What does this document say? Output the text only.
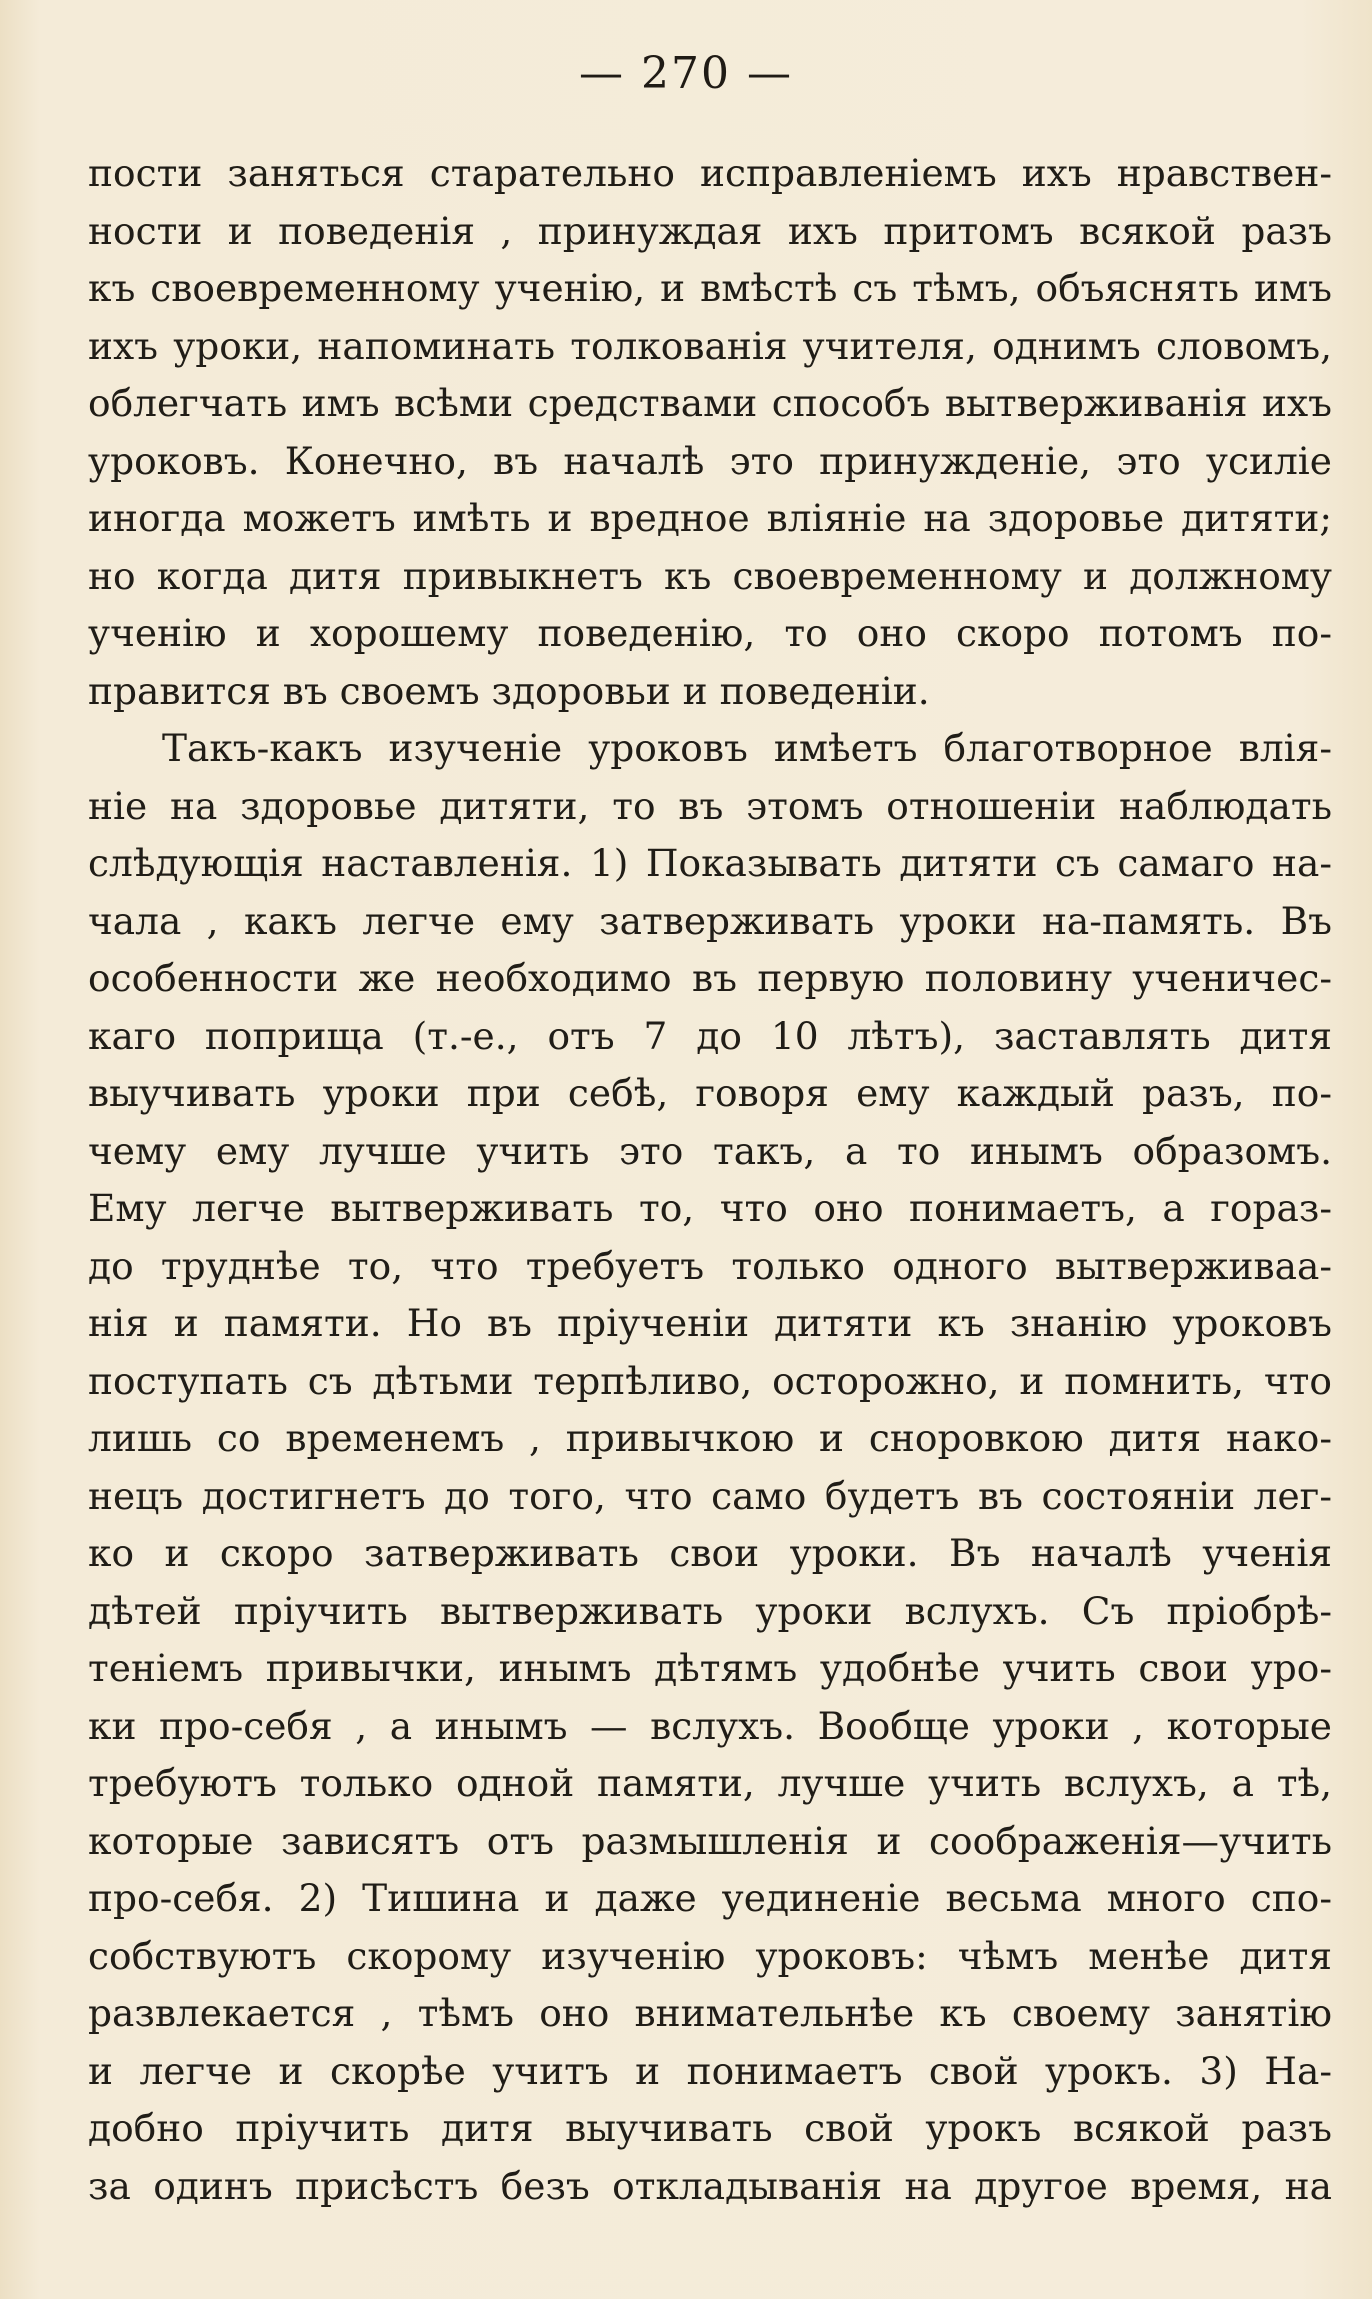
— 270 —
пости заняться старательно исправленіемъ ихъ нравствен-
ности и поведенія , принуждая ихъ притомъ всякой разъ
къ своевременному ученію, и вмѣстѣ съ тѣмъ, объяснять имъ
ихъ уроки, напоминать толкованія учителя, однимъ словомъ,
облегчать имъ всѣми средствами способъ вытверживанія ихъ
уроковъ. Конечно, въ началѣ это принужденіе, это усиліе
иногда можетъ имѣть и вредное вліяніе на здоровье дитяти;
но когда дитя привыкнетъ къ своевременному и должному
ученію и хорошему поведенію, то оно скоро потомъ по-
правится въ своемъ здоровьи и поведеніи.
Такъ-какъ изученіе уроковъ имѣетъ благотворное влія-
ніе на здоровье дитяти, то въ этомъ отношеніи наблюдать
слѣдующія наставленія. 1) Показывать дитяти съ самаго на-
чала , какъ легче ему затверживать уроки на-память. Въ
особенности же необходимо въ первую половину ученичес-
каго поприща (т.-е., отъ 7 до 10 лѣтъ), заставлять дитя
выучивать уроки при себѣ, говоря ему каждый разъ, по-
чему ему лучше учить это такъ, а то инымъ образомъ.
Ему легче вытверживать то, что оно понимаетъ, а гораз-
до труднѣе то, что требуетъ только одного вытверживаа-
нія и памяти. Но въ пріученіи дитяти къ знанію уроковъ
поступать съ дѣтьми терпѣливо, осторожно, и помнить, что
лишь со временемъ , привычкою и сноровкою дитя нако-
нецъ достигнетъ до того, что само будетъ въ состояніи лег-
ко и скоро затверживать свои уроки. Въ началѣ ученія
дѣтей пріучить вытверживать уроки вслухъ. Съ пріобрѣ-
теніемъ привычки, инымъ дѣтямъ удобнѣе учить свои уро-
ки про-себя , а инымъ — вслухъ. Вообще уроки , которые
требуютъ только одной памяти, лучше учить вслухъ, а тѣ,
которые зависятъ отъ размышленія и соображенія—учить
про-себя. 2) Тишина и даже уединеніе весьма много спо-
собствуютъ скорому изученію уроковъ: чѣмъ менѣе дитя
развлекается , тѣмъ оно внимательнѣе къ своему занятію
и легче и скорѣе учитъ и понимаетъ свой урокъ. 3) На-
добно пріучить дитя выучивать свой урокъ всякой разъ
за одинъ присѣстъ безъ откладыванія на другое время, на
